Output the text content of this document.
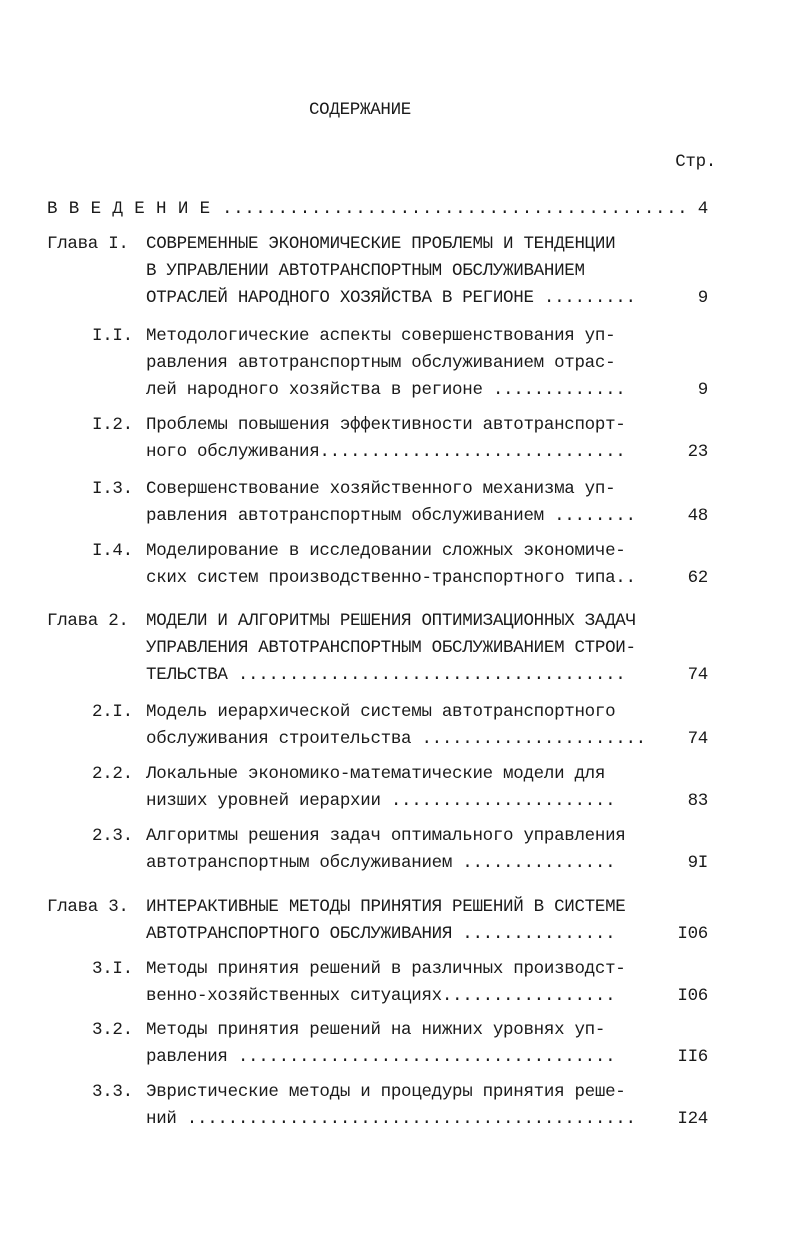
СОДЕРЖАНИЕ
Стр.
В В Е Д Е Н И Е .......................................... 4
Глава I. СОВРЕМЕННЫЕ ЭКОНОМИЧЕСКИЕ ПРОБЛЕМЫ И ТЕНДЕНЦИИ
В УПРАВЛЕНИИ АВТОТРАНСПОРТНЫМ ОБСЛУЖИВАНИЕМ
ОТРАСЛЕЙ НАРОДНОГО ХОЗЯЙСТВА В РЕГИОНЕ .........	9
I.I. Методологические аспекты совершенствования уп-
равления автотранспортным обслуживанием отрас-
лей народного хозяйства в регионе .............	9
I.2. Проблемы повышения эффективности автотранспорт-
ного обслуживания..............................	23
I.3. Совершенствование хозяйственного механизма уп-
равления автотранспортным обслуживанием ........	48
I.4. Моделирование в исследовании сложных экономиче-
ских систем производственно-транспортного типа..	62
Глава 2. МОДЕЛИ И АЛГОРИТМЫ РЕШЕНИЯ ОПТИМИЗАЦИОННЫХ ЗАДАЧ
УПРАВЛЕНИЯ АВТОТРАНСПОРТНЫМ ОБСЛУЖИВАНИЕМ СТРОИ-
ТЕЛЬСТВА ......................................	74
2.I. Модель иерархической системы автотранспортного
обслуживания строительства ...................... 74
2.2. Локальные экономико-математические модели для
низших уровней иерархии ......................	83
2.3. Алгоритмы решения задач оптимального управления
автотранспортным обслуживанием ...............	9I
Глава 3. ИНТЕРАКТИВНЫЕ МЕТОДЫ ПРИНЯТИЯ РЕШЕНИЙ В СИСТЕМЕ
АВТОТРАНСПОРТНОГО ОБСЛУЖИВАНИЯ ...............	I06
3.I. Методы принятия решений в различных производст-
венно-хозяйственных ситуациях.................	I06
3.2. Методы принятия решений на нижних уровнях уп-
равления .....................................	II6
3.3. Эвристические методы и процедуры принятия реше-
ний ............................................ I24
